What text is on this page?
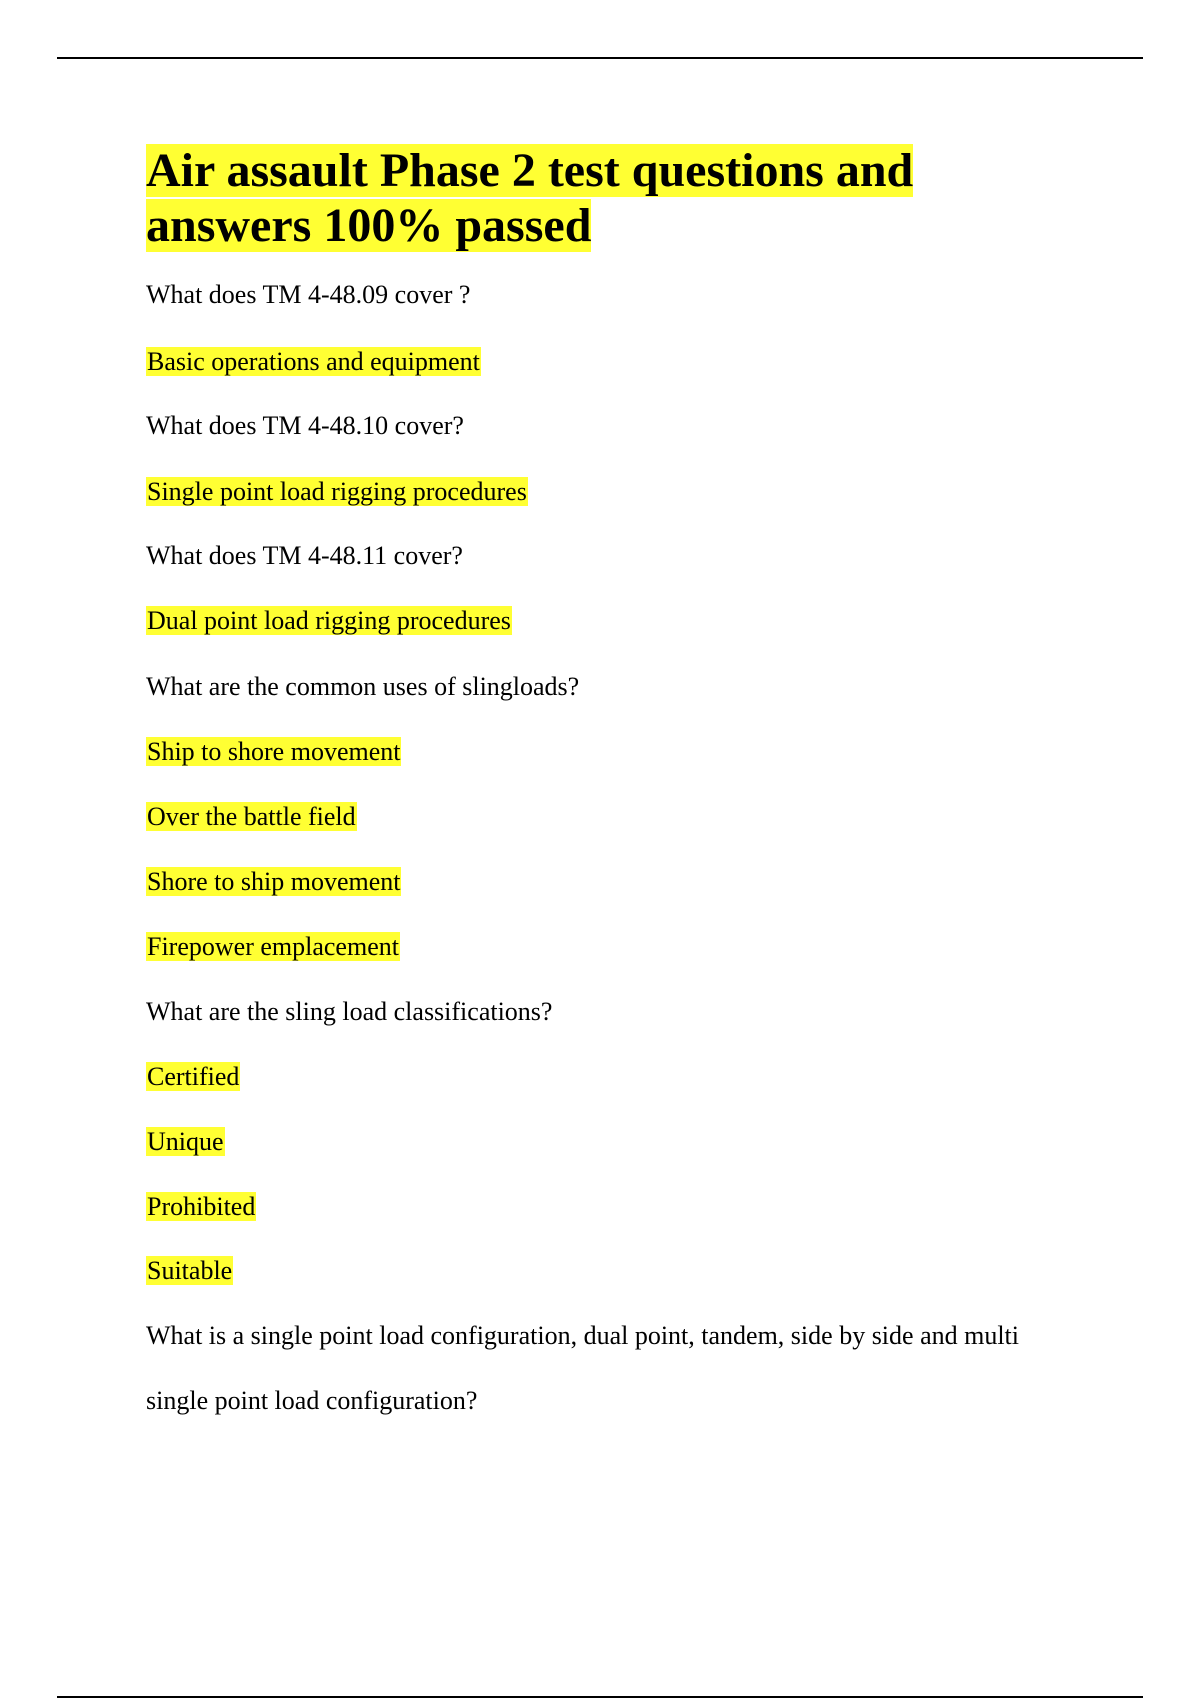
Air assault Phase 2 test questions and answers 100% passed
What does TM 4-48.09 cover ?
Basic operations and equipment
What does TM 4-48.10 cover?
Single point load rigging procedures
What does TM 4-48.11 cover?
Dual point load rigging procedures
What are the common uses of slingloads?
Ship to shore movement
Over the battle field
Shore to ship movement
Firepower emplacement
What are the sling load classifications?
Certified
Unique
Prohibited
Suitable
What is a single point load configuration, dual point, tandem, side by side and multi single point load configuration?
